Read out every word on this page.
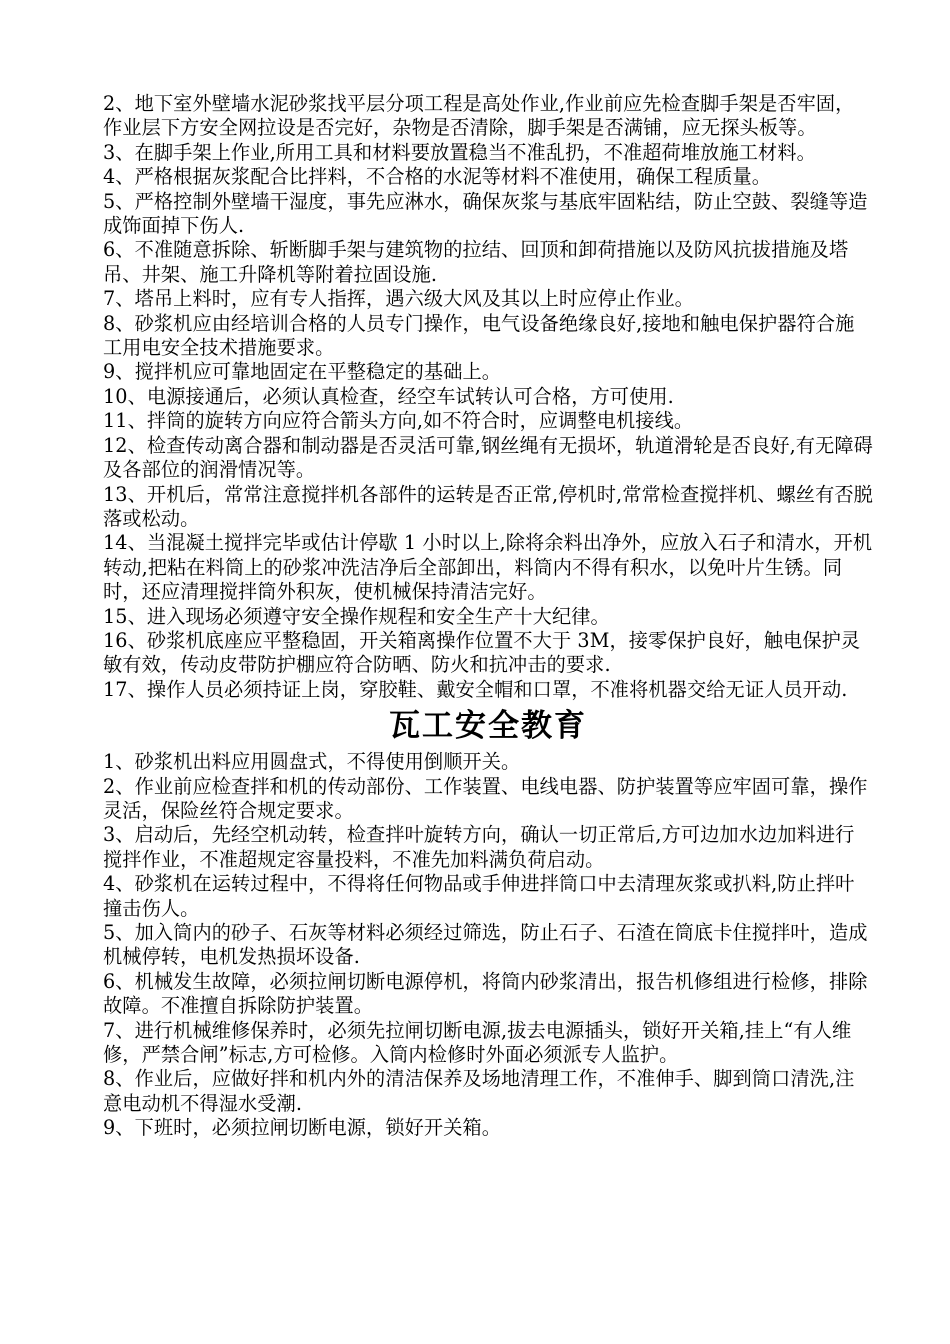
2、地下室外壁墙水泥砂浆找平层分项工程是高处作业,作业前应先检查脚手架是否牢固，作业层下方安全网拉设是否完好，杂物是否清除，脚手架是否满铺，应无探头板等。

3、在脚手架上作业,所用工具和材料要放置稳当不准乱扔，不准超荷堆放施工材料。

4、严格根据灰浆配合比拌料，不合格的水泥等材料不准使用，确保工程质量。

5、严格控制外壁墙干湿度，事先应淋水，确保灰浆与基底牢固粘结，防止空鼓、裂缝等造成饰面掉下伤人.

6、不准随意拆除、斩断脚手架与建筑物的拉结、回顶和卸荷措施以及防风抗拔措施及塔吊、井架、施工升降机等附着拉固设施.

7、塔吊上料时，应有专人指挥，遇六级大风及其以上时应停止作业。

8、砂浆机应由经培训合格的人员专门操作，电气设备绝缘良好,接地和触电保护器符合施工用电安全技术措施要求。

9、搅拌机应可靠地固定在平整稳定的基础上。

10、电源接通后，必须认真检查，经空车试转认可合格，方可使用.

11、拌筒的旋转方向应符合箭头方向,如不符合时，应调整电机接线。

12、检查传动离合器和制动器是否灵活可靠,钢丝绳有无损坏，轨道滑轮是否良好,有无障碍及各部位的润滑情况等。

13、开机后，常常注意搅拌机各部件的运转是否正常,停机时,常常检查搅拌机、螺丝有否脱落或松动。

14、当混凝土搅拌完毕或估计停歇 1 小时以上,除将余料出净外，应放入石子和清水，开机转动,把粘在料筒上的砂浆冲洗洁净后全部卸出，料筒内不得有积水，以免叶片生锈。同时，还应清理搅拌筒外积灰，使机械保持清洁完好。

15、进入现场必须遵守安全操作规程和安全生产十大纪律。

16、砂浆机底座应平整稳固，开关箱离操作位置不大于 3M，接零保护良好，触电保护灵敏有效，传动皮带防护棚应符合防晒、防火和抗冲击的要求.

17、操作人员必须持证上岗，穿胶鞋、戴安全帽和口罩，不准将机器交给无证人员开动.

瓦工安全教育

1、砂浆机出料应用圆盘式，不得使用倒顺开关。

2、作业前应检查拌和机的传动部份、工作装置、电线电器、防护装置等应牢固可靠，操作灵活，保险丝符合规定要求。

3、启动后，先经空机动转，检查拌叶旋转方向，确认一切正常后,方可边加水边加料进行搅拌作业，不准超规定容量投料，不准先加料满负荷启动。

4、砂浆机在运转过程中，不得将任何物品或手伸进拌筒口中去清理灰浆或扒料,防止拌叶撞击伤人。

5、加入筒内的砂子、石灰等材料必须经过筛选，防止石子、石渣在筒底卡住搅拌叶，造成机械停转，电机发热损坏设备.

6、机械发生故障，必须拉闸切断电源停机，将筒内砂浆清出，报告机修组进行检修，排除故障。不准擅自拆除防护装置。

7、进行机械维修保养时，必须先拉闸切断电源,拔去电源插头，锁好开关箱,挂上“有人维修，严禁合闸”标志,方可检修。入筒内检修时外面必须派专人监护。

8、作业后，应做好拌和机内外的清洁保养及场地清理工作，不准伸手、脚到筒口清洗,注意电动机不得湿水受潮.

9、下班时，必须拉闸切断电源，锁好开关箱。
